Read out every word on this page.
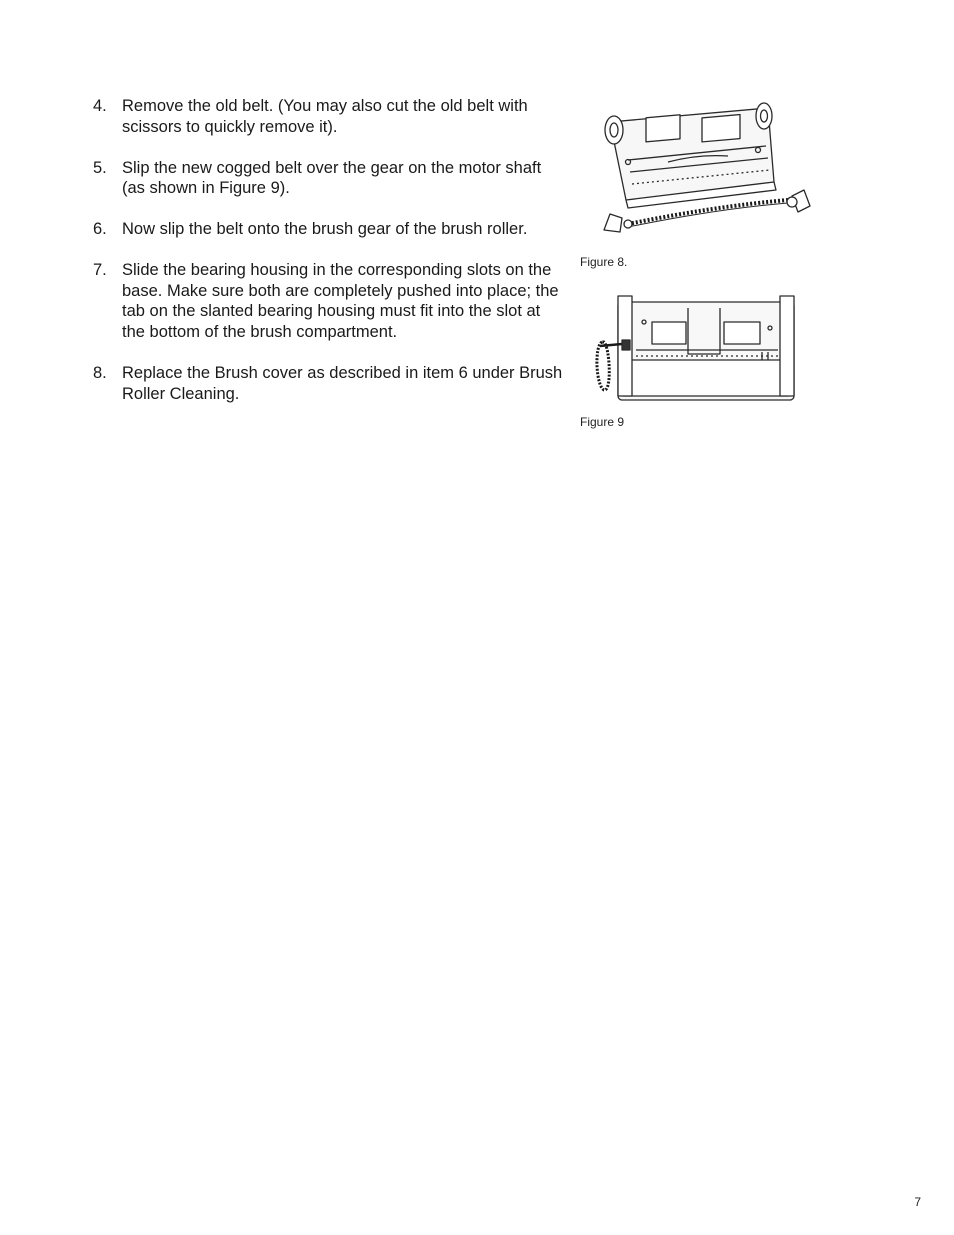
4. Remove the old belt. (You may also cut the old belt with scissors to quickly remove it).
5. Slip the new cogged belt over the gear on the motor shaft (as shown in Figure 9).
6. Now slip the belt onto the brush gear of the brush roller.
7. Slide the bearing housing in the corresponding slots on the base. Make sure both are completely pushed into place; the tab on the slanted bearing housing must fit into the slot at the bottom of the brush compartment.
8. Replace the Brush cover as described in item 6 under Brush Roller Cleaning.
Figure 8.
Figure 9
7
